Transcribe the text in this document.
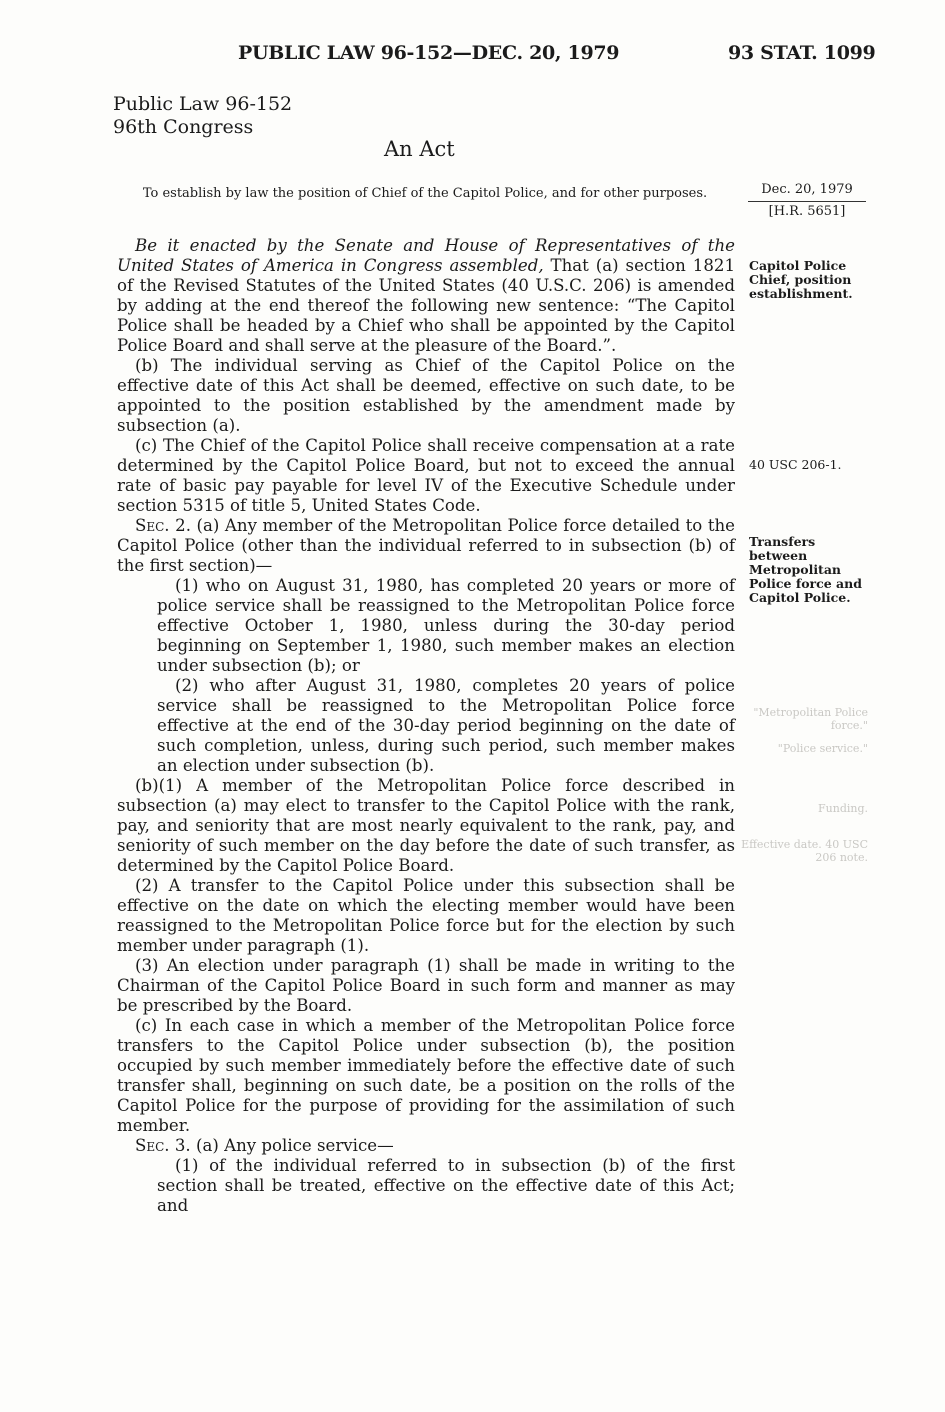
PUBLIC LAW 96-152—DEC. 20, 1979	93 STAT. 1099
Public Law 96-152
96th Congress
An Act
To establish by law the position of Chief of the Capitol Police, and for other purposes.	Dec. 20, 1979
[H.R. 5651]
Capitol Police Chief, position establishment.
40 USC 206-1.
Transfers between Metropolitan Police force and Capitol Police.
"Metropolitan Police force."
"Police service."
Funding.
Effective date. 40 USC 206 note.

Be it enacted by the Senate and House of Representatives of the United States of America in Congress assembled, That (a) section 1821 of the Revised Statutes of the United States (40 U.S.C. 206) is amended by adding at the end thereof the following new sentence: “The Capitol Police shall be headed by a Chief who shall be appointed by the Capitol Police Board and shall serve at the pleasure of the Board.”.

(b) The individual serving as Chief of the Capitol Police on the effective date of this Act shall be deemed, effective on such date, to be appointed to the position established by the amendment made by subsection (a).

(c) The Chief of the Capitol Police shall receive compensation at a rate determined by the Capitol Police Board, but not to exceed the annual rate of basic pay payable for level IV of the Executive Schedule under section 5315 of title 5, United States Code.

Sec. 2. (a) Any member of the Metropolitan Police force detailed to the Capitol Police (other than the individual referred to in subsection (b) of the first section)—

(1) who on August 31, 1980, has completed 20 years or more of police service shall be reassigned to the Metropolitan Police force effective October 1, 1980, unless during the 30-day period beginning on September 1, 1980, such member makes an election under subsection (b); or

(2) who after August 31, 1980, completes 20 years of police service shall be reassigned to the Metropolitan Police force effective at the end of the 30-day period beginning on the date of such completion, unless, during such period, such member makes an election under subsection (b).

(b)(1) A member of the Metropolitan Police force described in subsection (a) may elect to transfer to the Capitol Police with the rank, pay, and seniority that are most nearly equivalent to the rank, pay, and seniority of such member on the day before the date of such transfer, as determined by the Capitol Police Board.

(2) A transfer to the Capitol Police under this subsection shall be effective on the date on which the electing member would have been reassigned to the Metropolitan Police force but for the election by such member under paragraph (1).

(3) An election under paragraph (1) shall be made in writing to the Chairman of the Capitol Police Board in such form and manner as may be prescribed by the Board.

(c) In each case in which a member of the Metropolitan Police force transfers to the Capitol Police under subsection (b), the position occupied by such member immediately before the effective date of such transfer shall, beginning on such date, be a position on the rolls of the Capitol Police for the purpose of providing for the assimilation of such member.

Sec. 3. (a) Any police service—

(1) of the individual referred to in subsection (b) of the first section shall be treated, effective on the effective date of this Act; and
